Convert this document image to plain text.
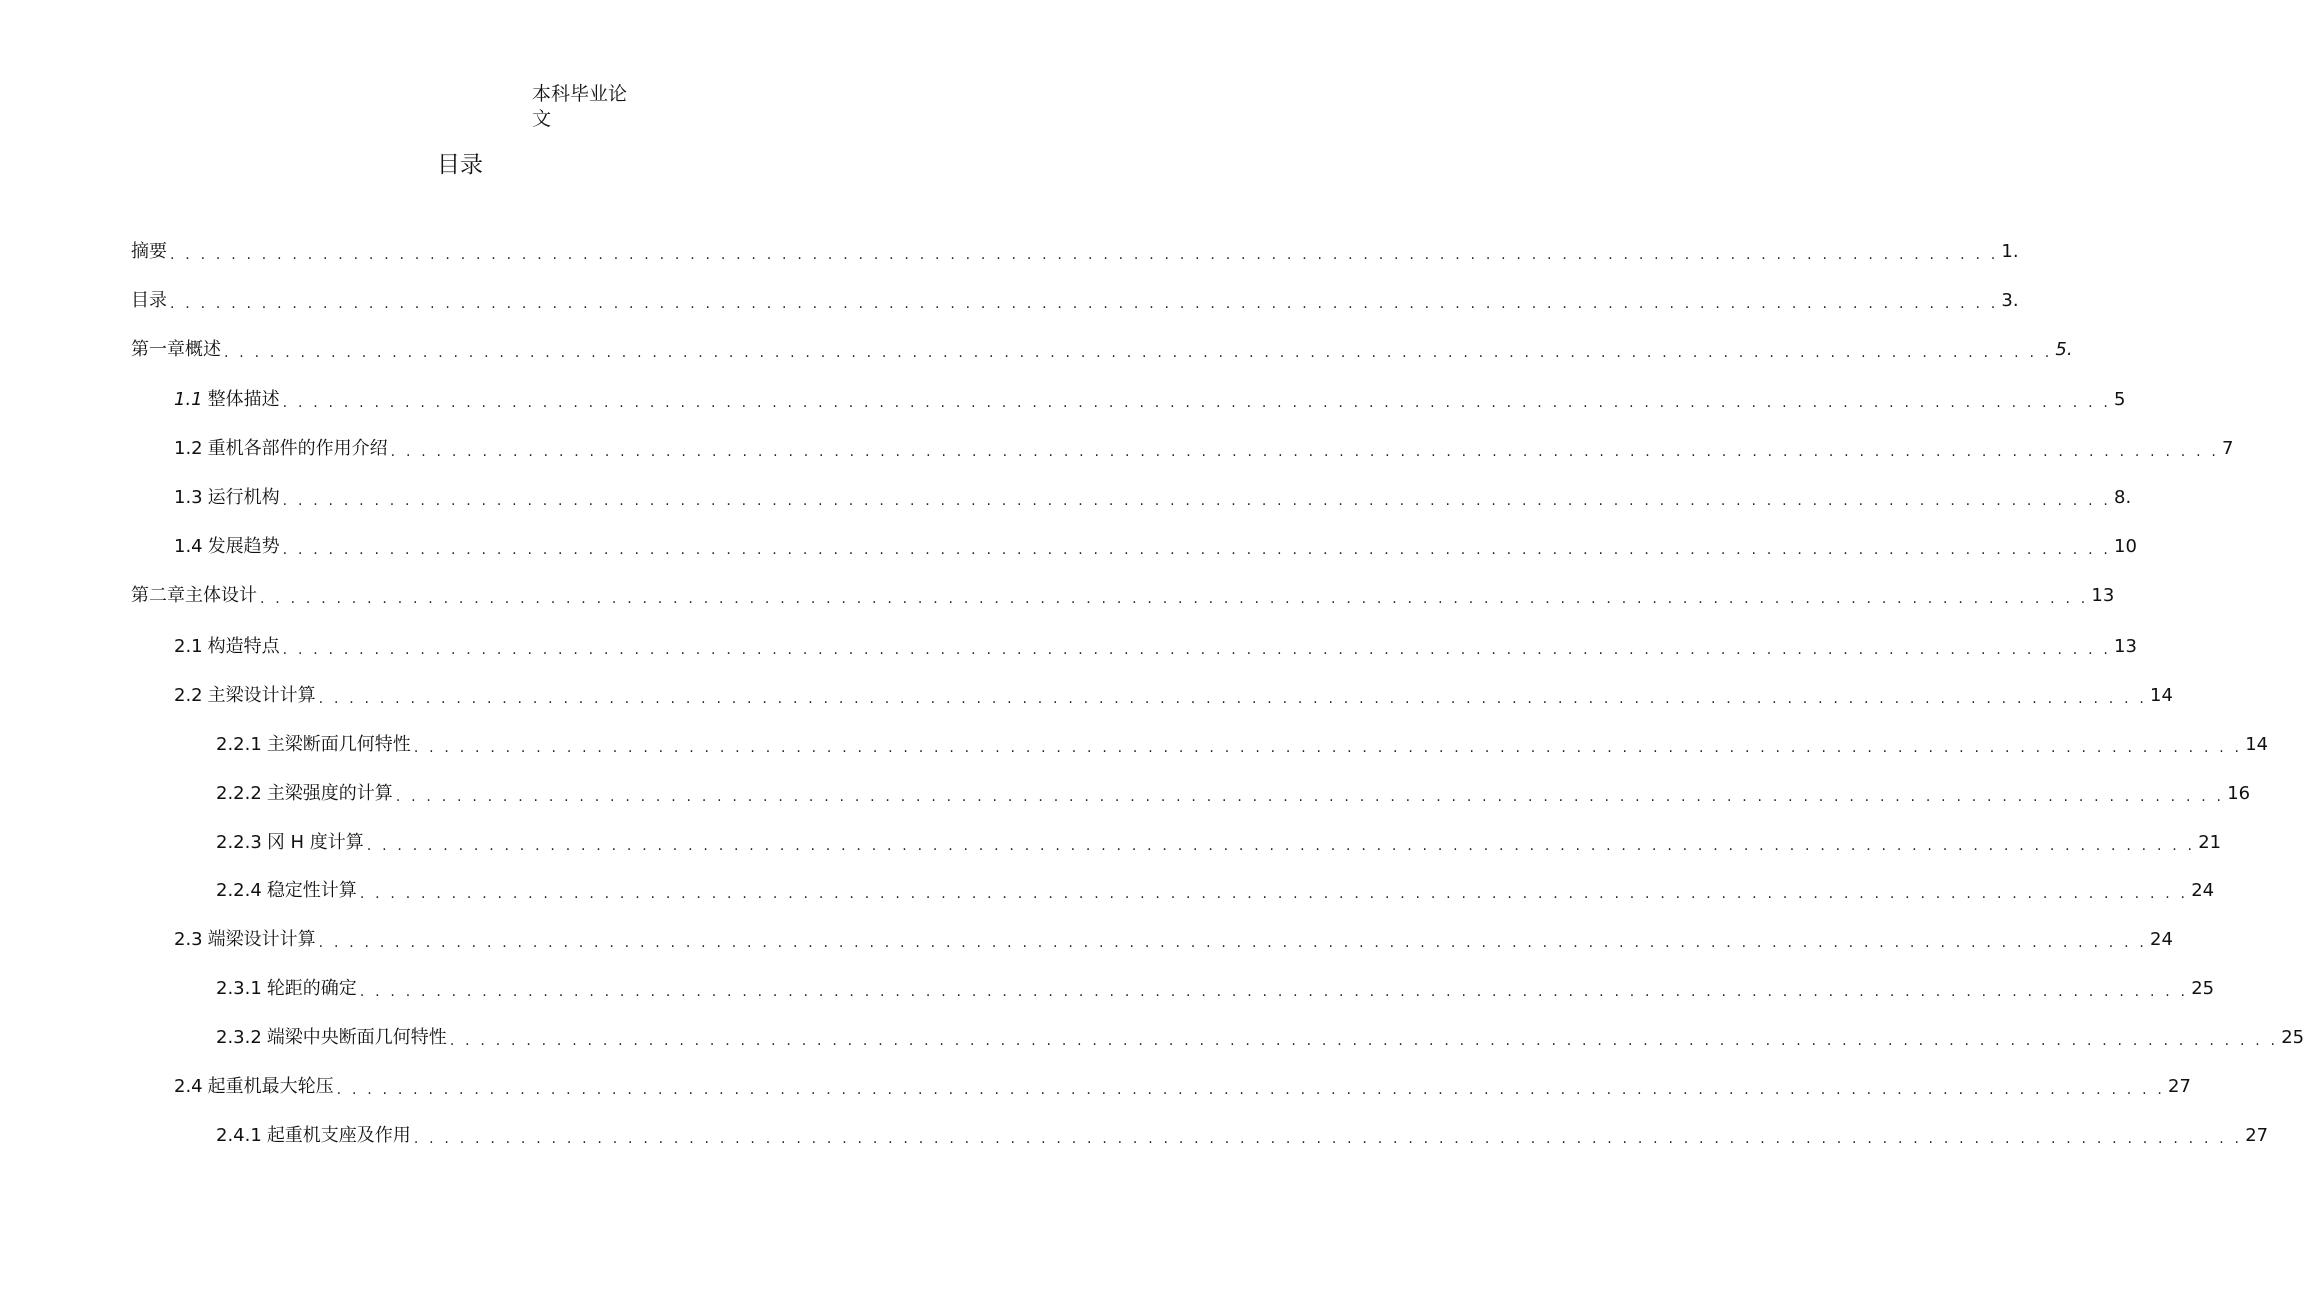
本科毕业论文
目录
摘要 . . . . . . . . . . . . . . . . . . . . . . . . . . . . . . . . . . . . . . . . . . . . . . . . . . . . . . . . . . . . . . . . . . . . . . . . . . . . . . . . . . . . . . . . . . . . . . . . . . . . . . . . . . . . . . . . . . . . . . . . 1.
目录 . . . . . . . . . . . . . . . . . . . . . . . . . . . . . . . . . . . . . . . . . . . . . . . . . . . . . . . . . . . . . . . . . . . . . . . . . . . . . . . . . . . . . . . . . . . . . . . . . . . . . . . . . . . . . . . . . . . . . . . . 3.
第一章概述 . . . . . . . . . . . . . . . . . . . . . . . . . . . . . . . . . . . . . . . . . . . . . . . . . . . . . . . . . . . . . . . . . . . . . . . . . . . . . . . . . . . . . . . . . . . . . . . . . . . . . . . . . . . . . . . . . . . . . . . . 5.
1.1 整体描述 . . . . . . . . . . . . . . . . . . . . . . . . . . . . . . . . . . . . . . . . . . . . . . . . . . . . . . . . . . . . . . . . . . . . . . . . . . . . . . . . . . . . . . . . . . . . . . . . . . . . . . . . . . . . . . . . . . . . . . . . 5
1.2 重机各部件的作用介绍 . . . . . . . . . . . . . . . . . . . . . . . . . . . . . . . . . . . . . . . . . . . . . . . . . . . . . . . . . . . . . . . . . . . . . . . . . . . . . . . . . . . . . . . . . . . . . . . . . . . . . . . . . . . . . . . . . . . . . . . . 7
1.3 运行机构 . . . . . . . . . . . . . . . . . . . . . . . . . . . . . . . . . . . . . . . . . . . . . . . . . . . . . . . . . . . . . . . . . . . . . . . . . . . . . . . . . . . . . . . . . . . . . . . . . . . . . . . . . . . . . . . . . . . . . . . . 8.
1.4 发展趋势 . . . . . . . . . . . . . . . . . . . . . . . . . . . . . . . . . . . . . . . . . . . . . . . . . . . . . . . . . . . . . . . . . . . . . . . . . . . . . . . . . . . . . . . . . . . . . . . . . . . . . . . . . . . . . . . . . . . . . . . . 10
第二章主体设计 . . . . . . . . . . . . . . . . . . . . . . . . . . . . . . . . . . . . . . . . . . . . . . . . . . . . . . . . . . . . . . . . . . . . . . . . . . . . . . . . . . . . . . . . . . . . . . . . . . . . . . . . . . . . . . . . . . . . . . . . 13
2.1 构造特点 . . . . . . . . . . . . . . . . . . . . . . . . . . . . . . . . . . . . . . . . . . . . . . . . . . . . . . . . . . . . . . . . . . . . . . . . . . . . . . . . . . . . . . . . . . . . . . . . . . . . . . . . . . . . . . . . . . . . . . . . 13
2.2 主梁设计计算 . . . . . . . . . . . . . . . . . . . . . . . . . . . . . . . . . . . . . . . . . . . . . . . . . . . . . . . . . . . . . . . . . . . . . . . . . . . . . . . . . . . . . . . . . . . . . . . . . . . . . . . . . . . . . . . . . . . . . . . . 14
2.2.1 主梁断面几何特性 . . . . . . . . . . . . . . . . . . . . . . . . . . . . . . . . . . . . . . . . . . . . . . . . . . . . . . . . . . . . . . . . . . . . . . . . . . . . . . . . . . . . . . . . . . . . . . . . . . . . . . . . . . . . . . . . . . . . . . . . 14
2.2.2 主梁强度的计算 . . . . . . . . . . . . . . . . . . . . . . . . . . . . . . . . . . . . . . . . . . . . . . . . . . . . . . . . . . . . . . . . . . . . . . . . . . . . . . . . . . . . . . . . . . . . . . . . . . . . . . . . . . . . . . . . . . . . . . . . 16
2.2.3 冈 H 度计算 . . . . . . . . . . . . . . . . . . . . . . . . . . . . . . . . . . . . . . . . . . . . . . . . . . . . . . . . . . . . . . . . . . . . . . . . . . . . . . . . . . . . . . . . . . . . . . . . . . . . . . . . . . . . . . . . . . . . . . . . 21
2.2.4 稳定性计算 . . . . . . . . . . . . . . . . . . . . . . . . . . . . . . . . . . . . . . . . . . . . . . . . . . . . . . . . . . . . . . . . . . . . . . . . . . . . . . . . . . . . . . . . . . . . . . . . . . . . . . . . . . . . . . . . . . . . . . . . 24
2.3 端梁设计计算 . . . . . . . . . . . . . . . . . . . . . . . . . . . . . . . . . . . . . . . . . . . . . . . . . . . . . . . . . . . . . . . . . . . . . . . . . . . . . . . . . . . . . . . . . . . . . . . . . . . . . . . . . . . . . . . . . . . . . . . . 24
2.3.1 轮距的确定 . . . . . . . . . . . . . . . . . . . . . . . . . . . . . . . . . . . . . . . . . . . . . . . . . . . . . . . . . . . . . . . . . . . . . . . . . . . . . . . . . . . . . . . . . . . . . . . . . . . . . . . . . . . . . . . . . . . . . . . . 25
2.3.2 端梁中央断面几何特性 . . . . . . . . . . . . . . . . . . . . . . . . . . . . . . . . . . . . . . . . . . . . . . . . . . . . . . . . . . . . . . . . . . . . . . . . . . . . . . . . . . . . . . . . . . . . . . . . . . . . . . . . . . . . . . . . . . . . . . . . 25
2.4 起重机最大轮压 . . . . . . . . . . . . . . . . . . . . . . . . . . . . . . . . . . . . . . . . . . . . . . . . . . . . . . . . . . . . . . . . . . . . . . . . . . . . . . . . . . . . . . . . . . . . . . . . . . . . . . . . . . . . . . . . . . . . . . . . 27
2.4.1 起重机支座及作用 . . . . . . . . . . . . . . . . . . . . . . . . . . . . . . . . . . . . . . . . . . . . . . . . . . . . . . . . . . . . . . . . . . . . . . . . . . . . . . . . . . . . . . . . . . . . . . . . . . . . . . . . . . . . . . . . . . . . . . . . 27
